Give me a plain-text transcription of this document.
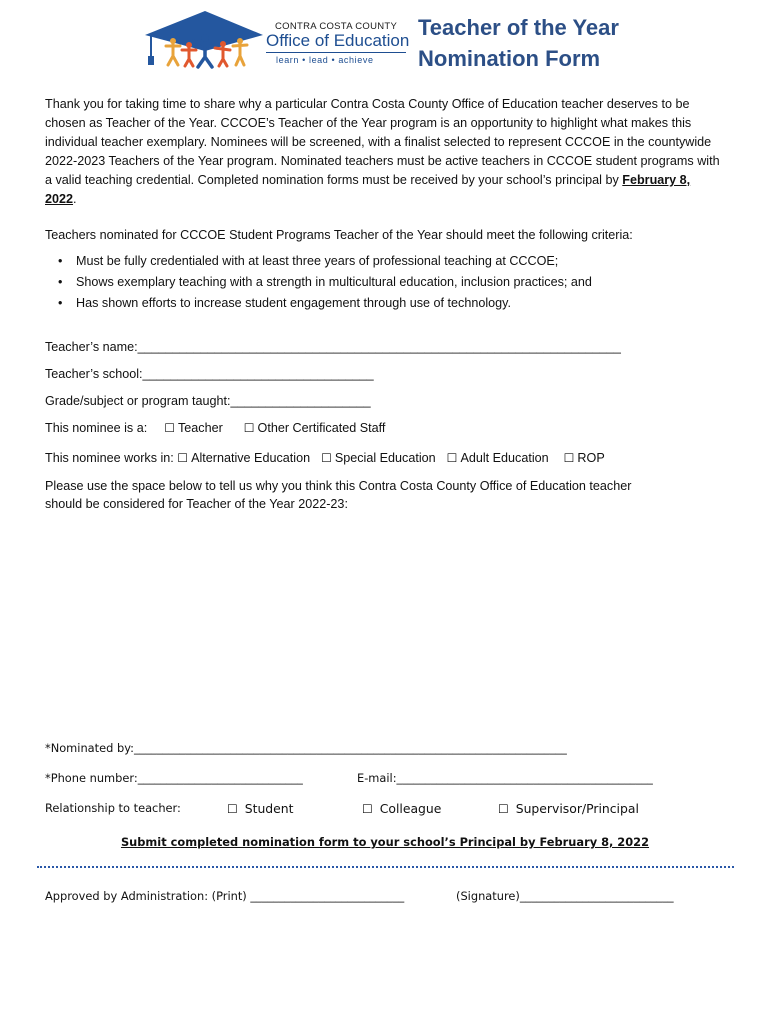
CONTRA COSTA COUNTY
Office of Education
learn • lead • achieve
Teacher of the Year
Nomination Form
Thank you for taking time to share why a particular Contra Costa County Office of Education teacher deserves to be chosen as Teacher of the Year. CCCOE’s Teacher of the Year program is an opportunity to highlight what makes this individual teacher exemplary. Nominees will be screened, with a finalist selected to represent CCCOE in the countywide 2022-2023 Teachers of the Year program. Nominated teachers must be active teachers in CCCOE student programs with a valid teaching credential. Completed nomination forms must be received by your school’s principal by February 8, 2022.
Teachers nominated for CCCOE Student Programs Teacher of the Year should meet the following criteria:
• Must be fully credentialed with at least three years of professional teaching at CCCOE;
• Shows exemplary teaching with a strength in multicultural education, inclusion practices; and
• Has shown efforts to increase student engagement through use of technology.
Teacher’s name:_____________________________________________________________________
Teacher’s school:_________________________________
Grade/subject or program taught:____________________
This nominee is a: ☐ Teacher ☐ Other Certificated Staff
This nominee works in: ☐ Alternative Education ☐ Special Education ☐ Adult Education ☐ ROP
Please use the space below to tell us why you think this Contra Costa County Office of Education teacher
should be considered for Teacher of the Year 2022-23:
*Nominated by:____________________________________________________________________________
*Phone number:_____________________________	E-mail:_____________________________________________
Relationship to teacher:	☐ Student	☐ Colleague	☐ Supervisor/Principal
Submit completed nomination form to your school’s Principal by February 8, 2022
Approved by Administration: (Print) ___________________________	(Signature)___________________________
